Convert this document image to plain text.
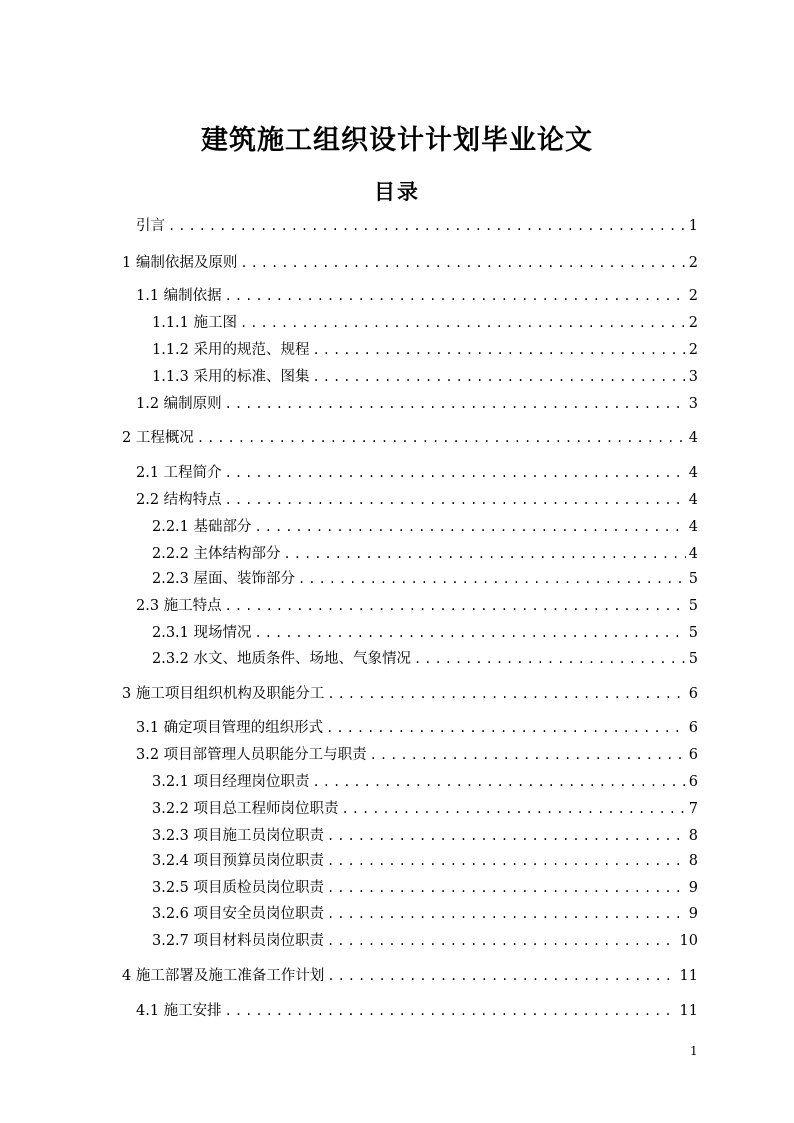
建筑施工组织设计计划毕业论文
目录
引言 .....	1
1 编制依据及原则 .....	2
1.1 编制依据 .....	2
1.1.1 施工图 .....	2
1.1.2 采用的规范、规程 .....	2
1.1.3 采用的标准、图集 .....	3
1.2 编制原则 .....	3
2 工程概况 .....	4
2.1 工程简介 .....	4
2.2 结构特点 .....	4
2.2.1 基础部分 .....	4
2.2.2 主体结构部分 .....	4
2.2.3 屋面、装饰部分 .....	5
2.3 施工特点 .....	5
2.3.1 现场情况 .....	5
2.3.2 水文、地质条件、场地、气象情况 .....	5
3 施工项目组织机构及职能分工 .....	6
3.1 确定项目管理的组织形式 .....	6
3.2 项目部管理人员职能分工与职责 .....	6
3.2.1 项目经理岗位职责 .....	6
3.2.2 项目总工程师岗位职责 .....	7
3.2.3 项目施工员岗位职责 .....	8
3.2.4 项目预算员岗位职责 .....	8
3.2.5 项目质检员岗位职责 .....	9
3.2.6 项目安全员岗位职责 .....	9
3.2.7 项目材料员岗位职责 .....	10
4 施工部署及施工准备工作计划 .....	11
4.1 施工安排 .....	11
1
